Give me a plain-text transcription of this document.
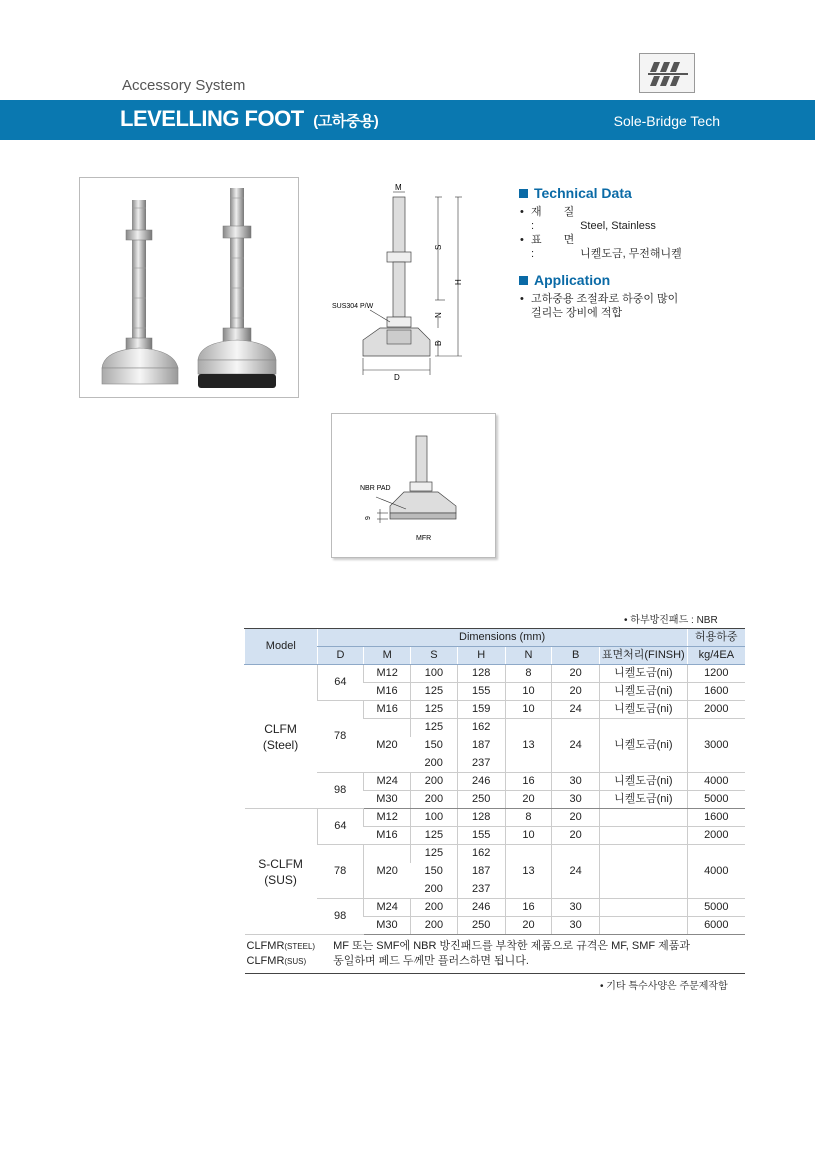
Accessory System
LEVELLING FOOT (고하중용)	Sole-Bridge Tech
M
S
H
N
B
D
SUS304 P/W
NBR PAD
9
MFR
Technical Data
• 재　　질 :	Steel, Stainless
• 표　　면 :	니켈도금, 무전해니켈
Application
• 고하중용 조절좌로 하중이 많이
걸리는 장비에 적합
• 하부방진패드 : NBR
Model	Dimensions (mm)							허용하중
	D	M	S	H	N	B	표면처리(FINSH)	kg/4EA
CLFM
(Steel)	64	M12	100	128	8	20	니켈도금(ni)	1200
		M16	125	155	10	20	니켈도금(ni)	1600
	78	M16	125	159	10	24	니켈도금(ni)	2000
		M20	125	162	13	24	니켈도금(ni)	3000
			150	187				
			200	237				
	98	M24	200	246	16	30	니켈도금(ni)	4000
		M30	200	250	20	30	니켈도금(ni)	5000
S-CLFM
(SUS)	64	M12	100	128	8	20		1600
		M16	125	155	10	20		2000
	78	M20	125	162	13	24		4000
			150	187				
			200	237				
	98	M24	200	246	16	30		5000
		M30	200	250	20	30		6000
CLFMR(STEEL)
CLFMR(SUS)	MF 또는 SMF에 NBR 방진패드를 부착한 제품으로 규격은 MF, SMF 제품과
동일하며 페드 두께만 플러스하면 됩니다.							
• 기타 특수사양은 주문제작함
